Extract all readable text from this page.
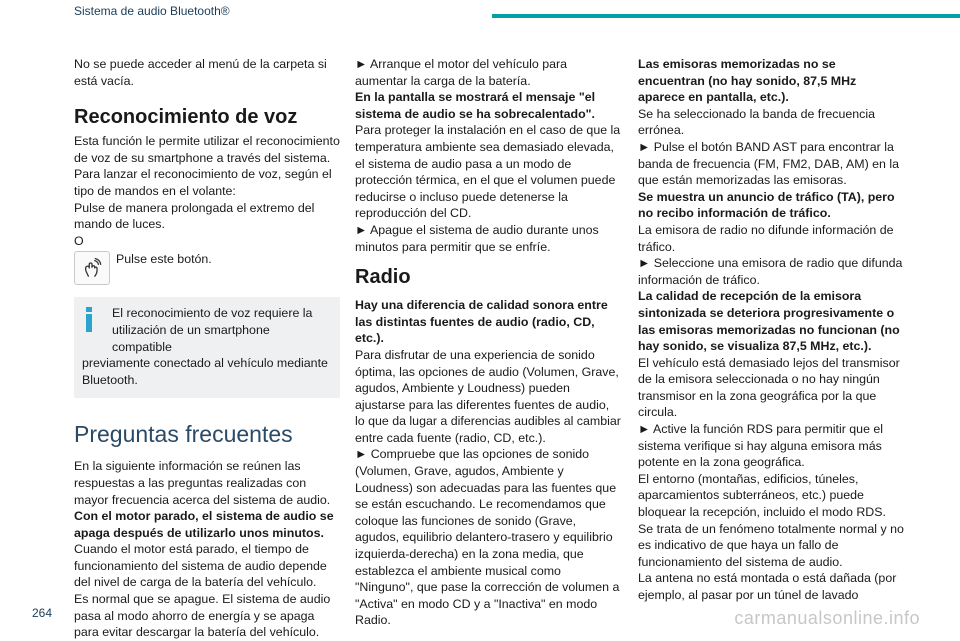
Sistema de audio Bluetooth®

No se puede acceder al menú de la carpeta si está vacía.

Reconocimiento de voz

Esta función le permite utilizar el reconocimiento de voz de su smartphone a través del sistema.

Para lanzar el reconocimiento de voz, según el tipo de mandos en el volante:

Pulse de manera prolongada el extremo del mando de luces.

O

Pulse este botón.

El reconocimiento de voz requiere la utilización de un smartphone compatible

previamente conectado al vehículo mediante Bluetooth.

Preguntas frecuentes

En la siguiente información se reúnen las respuestas a las preguntas realizadas con mayor frecuencia acerca del sistema de audio.

Con el motor parado, el sistema de audio se apaga después de utilizarlo unos minutos.

Cuando el motor está parado, el tiempo de funcionamiento del sistema de audio depende del nivel de carga de la batería del vehículo.

Es normal que se apague. El sistema de audio pasa al modo ahorro de energía y se apaga para evitar descargar la batería del vehículo.

► Arranque el motor del vehículo para aumentar la carga de la batería.

En la pantalla se mostrará el mensaje "el sistema de audio se ha sobrecalentado".

Para proteger la instalación en el caso de que la temperatura ambiente sea demasiado elevada, el sistema de audio pasa a un modo de protección térmica, en el que el volumen puede reducirse o incluso puede detenerse la reproducción del CD.

► Apague el sistema de audio durante unos minutos para permitir que se enfríe.

Radio

Hay una diferencia de calidad sonora entre las distintas fuentes de audio (radio, CD, etc.).

Para disfrutar de una experiencia de sonido óptima, las opciones de audio (Volumen, Grave, agudos, Ambiente y Loudness) pueden ajustarse para las diferentes fuentes de audio, lo que da lugar a diferencias audibles al cambiar entre cada fuente (radio, CD, etc.).

► Compruebe que las opciones de sonido (Volumen, Grave, agudos, Ambiente y Loudness) son adecuadas para las fuentes que se están escuchando. Le recomendamos que coloque las funciones de sonido (Grave, agudos, equilibrio delantero-trasero y equilibrio izquierda-derecha) en la zona media, que establezca el ambiente musical como "Ninguno", que pase la corrección de volumen a "Activa" en modo CD y a "Inactiva" en modo Radio.

Las emisoras memorizadas no se encuentran (no hay sonido, 87,5 MHz aparece en pantalla, etc.).

Se ha seleccionado la banda de frecuencia errónea.

► Pulse el botón BAND AST para encontrar la banda de frecuencia (FM, FM2, DAB, AM) en la que están memorizadas las emisoras.

Se muestra un anuncio de tráfico (TA), pero no recibo información de tráfico.

La emisora de radio no difunde información de tráfico.

► Seleccione una emisora de radio que difunda información de tráfico.

La calidad de recepción de la emisora sintonizada se deteriora progresivamente o las emisoras memorizadas no funcionan (no hay sonido, se visualiza 87,5 MHz, etc.).

El vehículo está demasiado lejos del transmisor de la emisora seleccionada o no hay ningún transmisor en la zona geográfica por la que circula.

► Active la función RDS para permitir que el sistema verifique si hay alguna emisora más potente en la zona geográfica.

El entorno (montañas, edificios, túneles, aparcamientos subterráneos, etc.) puede bloquear la recepción, incluido el modo RDS.

Se trata de un fenómeno totalmente normal y no es indicativo de que haya un fallo de funcionamiento del sistema de audio.

La antena no está montada o está dañada (por ejemplo, al pasar por un túnel de lavado

264	carmanualsonline.info
